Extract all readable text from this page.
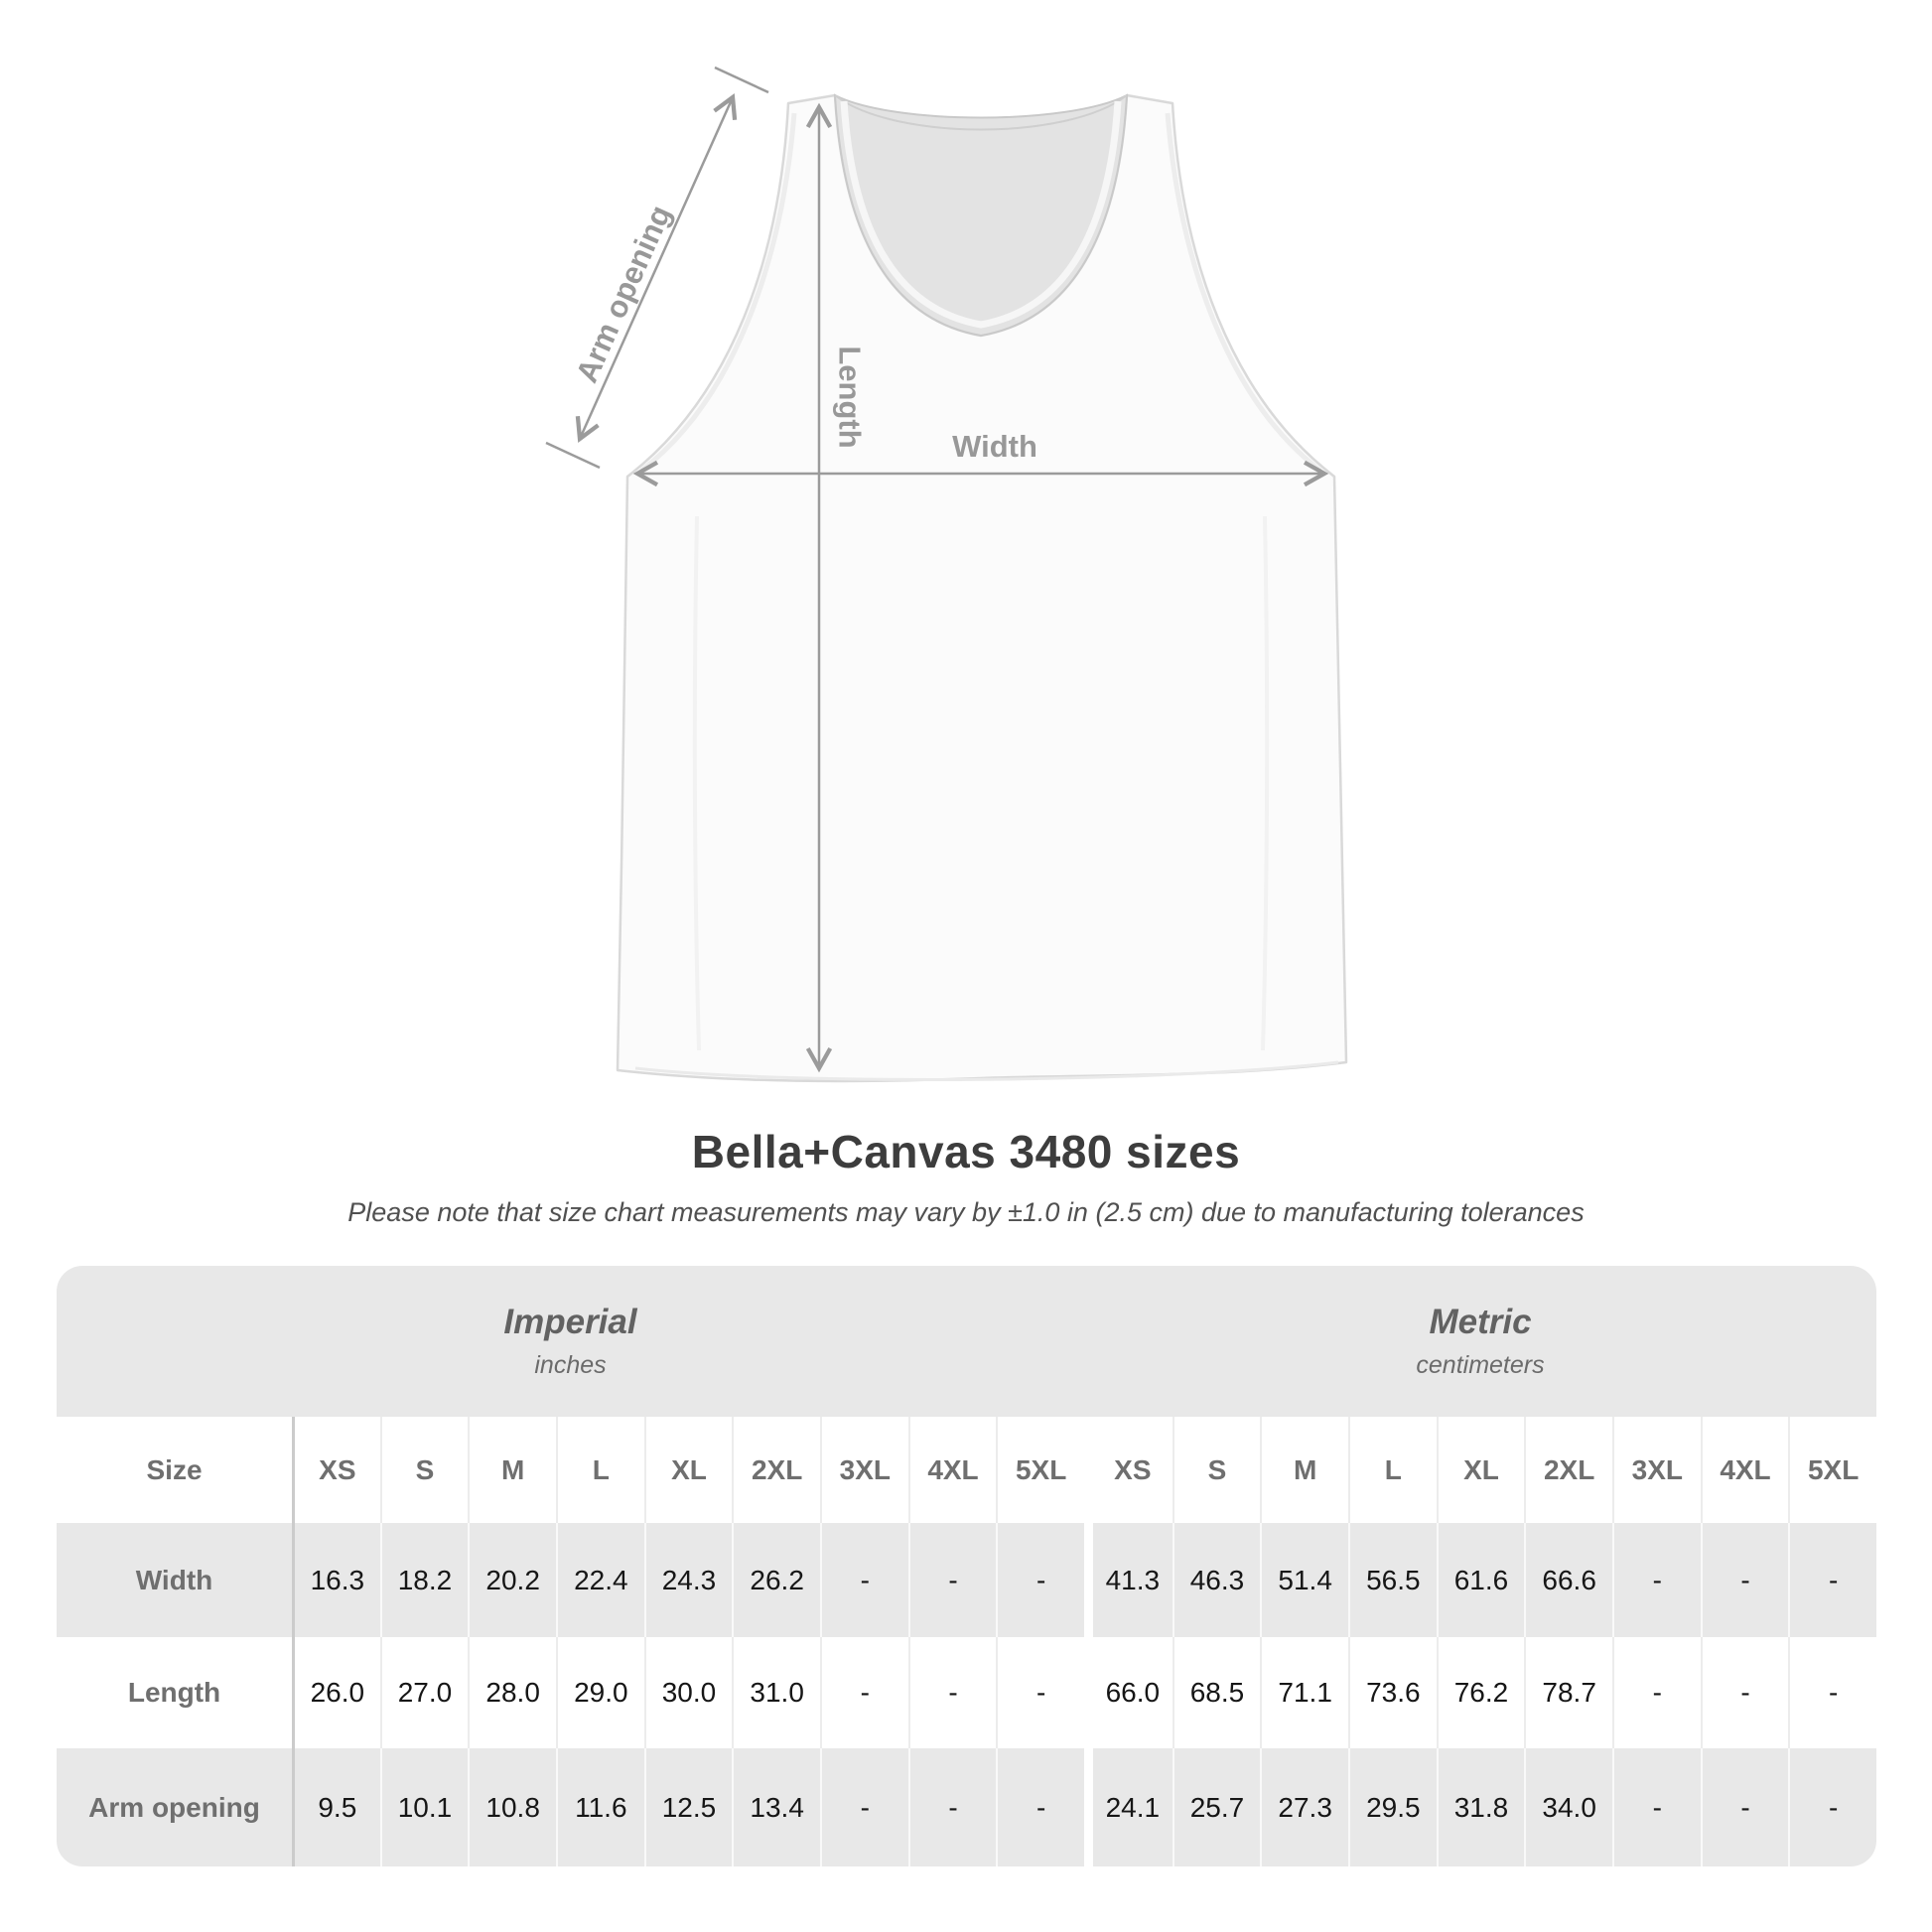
Width
Length
Arm opening
Bella+Canvas 3480 sizes
Please note that size chart measurements may vary by ±1.0 in (2.5 cm) due to manufacturing tolerances
Imperial
inches
Metric
centimeters
Size	XS	S	M	L	XL	2XL	3XL	4XL	5XL	XS	S	M	L	XL	2XL	3XL	4XL	5XL
Width	16.3	18.2	20.2	22.4	24.3	26.2	-	-	-	41.3	46.3	51.4	56.5	61.6	66.6	-	-	-
Length	26.0	27.0	28.0	29.0	30.0	31.0	-	-	-	66.0	68.5	71.1	73.6	76.2	78.7	-	-	-
Arm opening	9.5	10.1	10.8	11.6	12.5	13.4	-	-	-	24.1	25.7	27.3	29.5	31.8	34.0	-	-	-
